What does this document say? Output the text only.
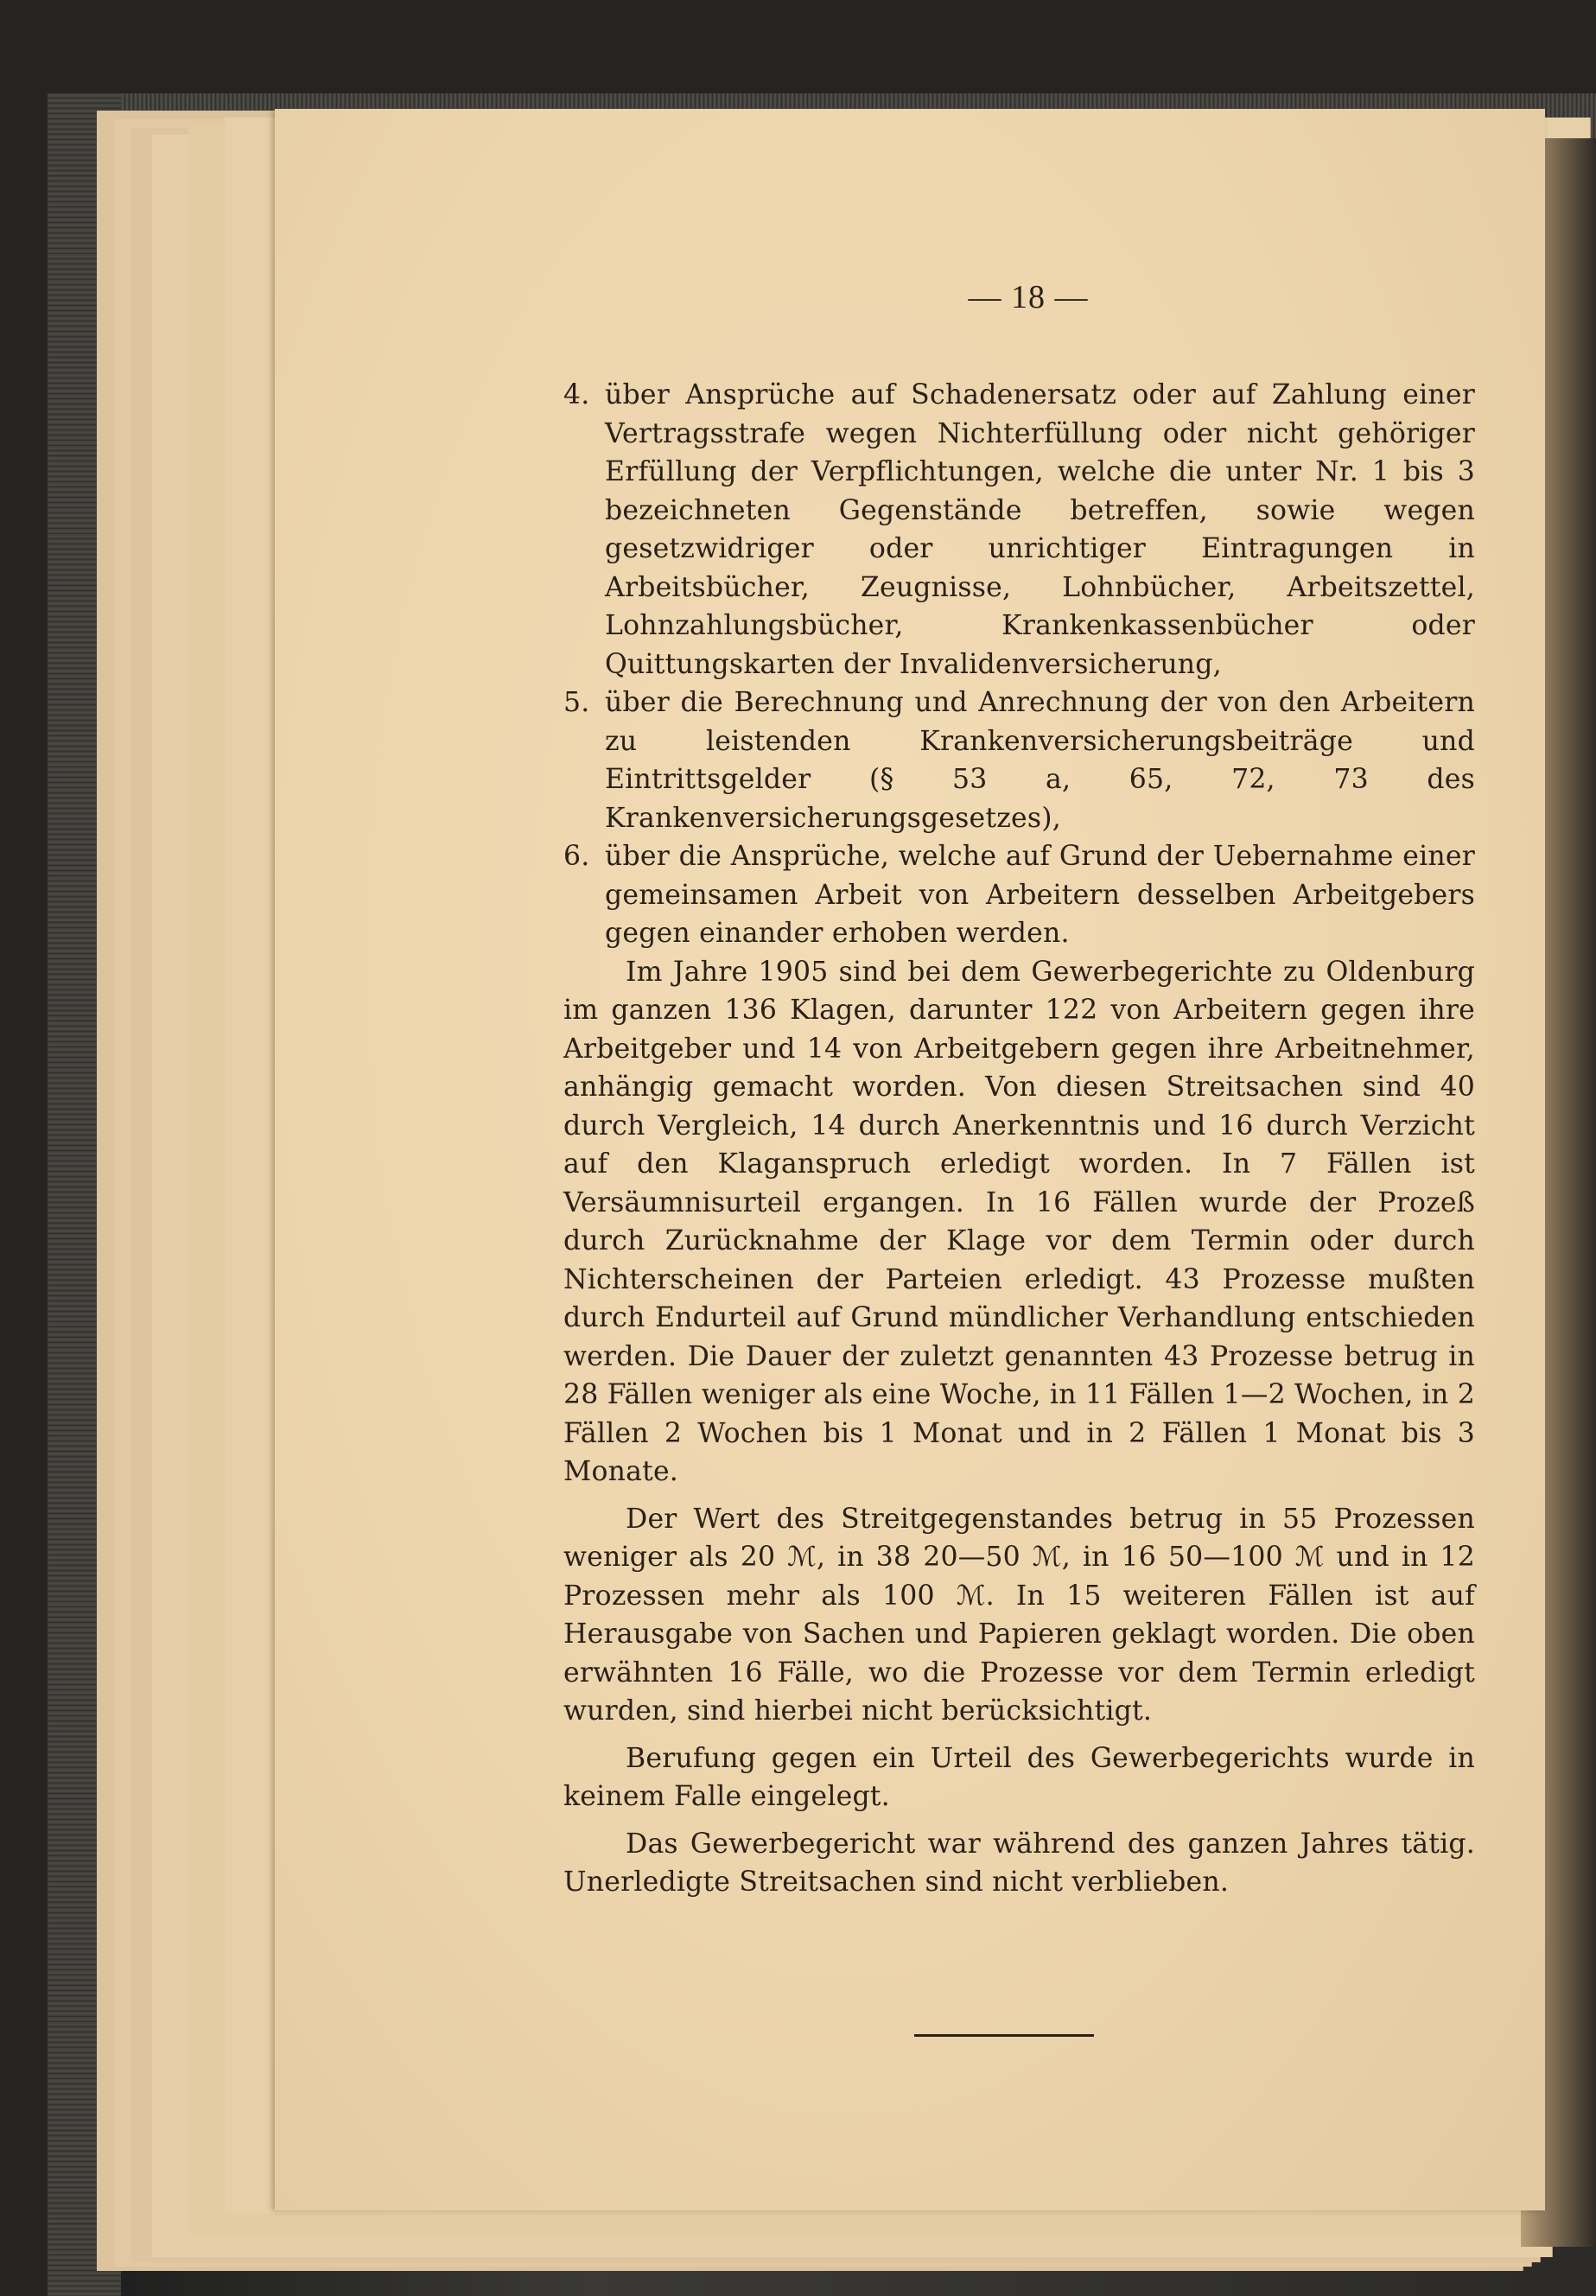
— 18 —
4. über Ansprüche auf Schadenersatz oder auf Zahlung einer Vertragsstrafe wegen Nichterfüllung oder nicht gehöriger Erfüllung der Verpflichtungen, welche die unter Nr. 1 bis 3 bezeichneten Gegenstände betreffen, sowie wegen gesetzwidriger oder unrichtiger Eintragungen in Arbeitsbücher, Zeugnisse, Lohnbücher, Arbeitszettel, Lohnzahlungsbücher, Krankenkassenbücher oder Quittungskarten der Invalidenversicherung,
5. über die Berechnung und Anrechnung der von den Arbeitern zu leistenden Krankenversicherungsbeiträge und Eintrittsgelder (§ 53 a, 65, 72, 73 des Krankenversicherungsgesetzes),
6. über die Ansprüche, welche auf Grund der Uebernahme einer gemeinsamen Arbeit von Arbeitern desselben Arbeitgebers gegen einander erhoben werden.

Im Jahre 1905 sind bei dem Gewerbegerichte zu Oldenburg im ganzen 136 Klagen, darunter 122 von Arbeitern gegen ihre Arbeitgeber und 14 von Arbeitgebern gegen ihre Arbeitnehmer, anhängig gemacht worden. Von diesen Streitsachen sind 40 durch Vergleich, 14 durch Anerkenntnis und 16 durch Verzicht auf den Klaganspruch erledigt worden. In 7 Fällen ist Versäumnisurteil ergangen. In 16 Fällen wurde der Prozeß durch Zurücknahme der Klage vor dem Termin oder durch Nichterscheinen der Parteien erledigt. 43 Prozesse mußten durch Endurteil auf Grund mündlicher Verhandlung entschieden werden. Die Dauer der zuletzt genannten 43 Prozesse betrug in 28 Fällen weniger als eine Woche, in 11 Fällen 1—2 Wochen, in 2 Fällen 2 Wochen bis 1 Monat und in 2 Fällen 1 Monat bis 3 Monate.

Der Wert des Streitgegenstandes betrug in 55 Prozessen weniger als 20 ℳ, in 38 20—50 ℳ, in 16 50—100 ℳ und in 12 Prozessen mehr als 100 ℳ. In 15 weiteren Fällen ist auf Herausgabe von Sachen und Papieren geklagt worden. Die oben erwähnten 16 Fälle, wo die Prozesse vor dem Termin erledigt wurden, sind hierbei nicht berücksichtigt.

Berufung gegen ein Urteil des Gewerbegerichts wurde in keinem Falle eingelegt.

Das Gewerbegericht war während des ganzen Jahres tätig. Unerledigte Streitsachen sind nicht verblieben.
